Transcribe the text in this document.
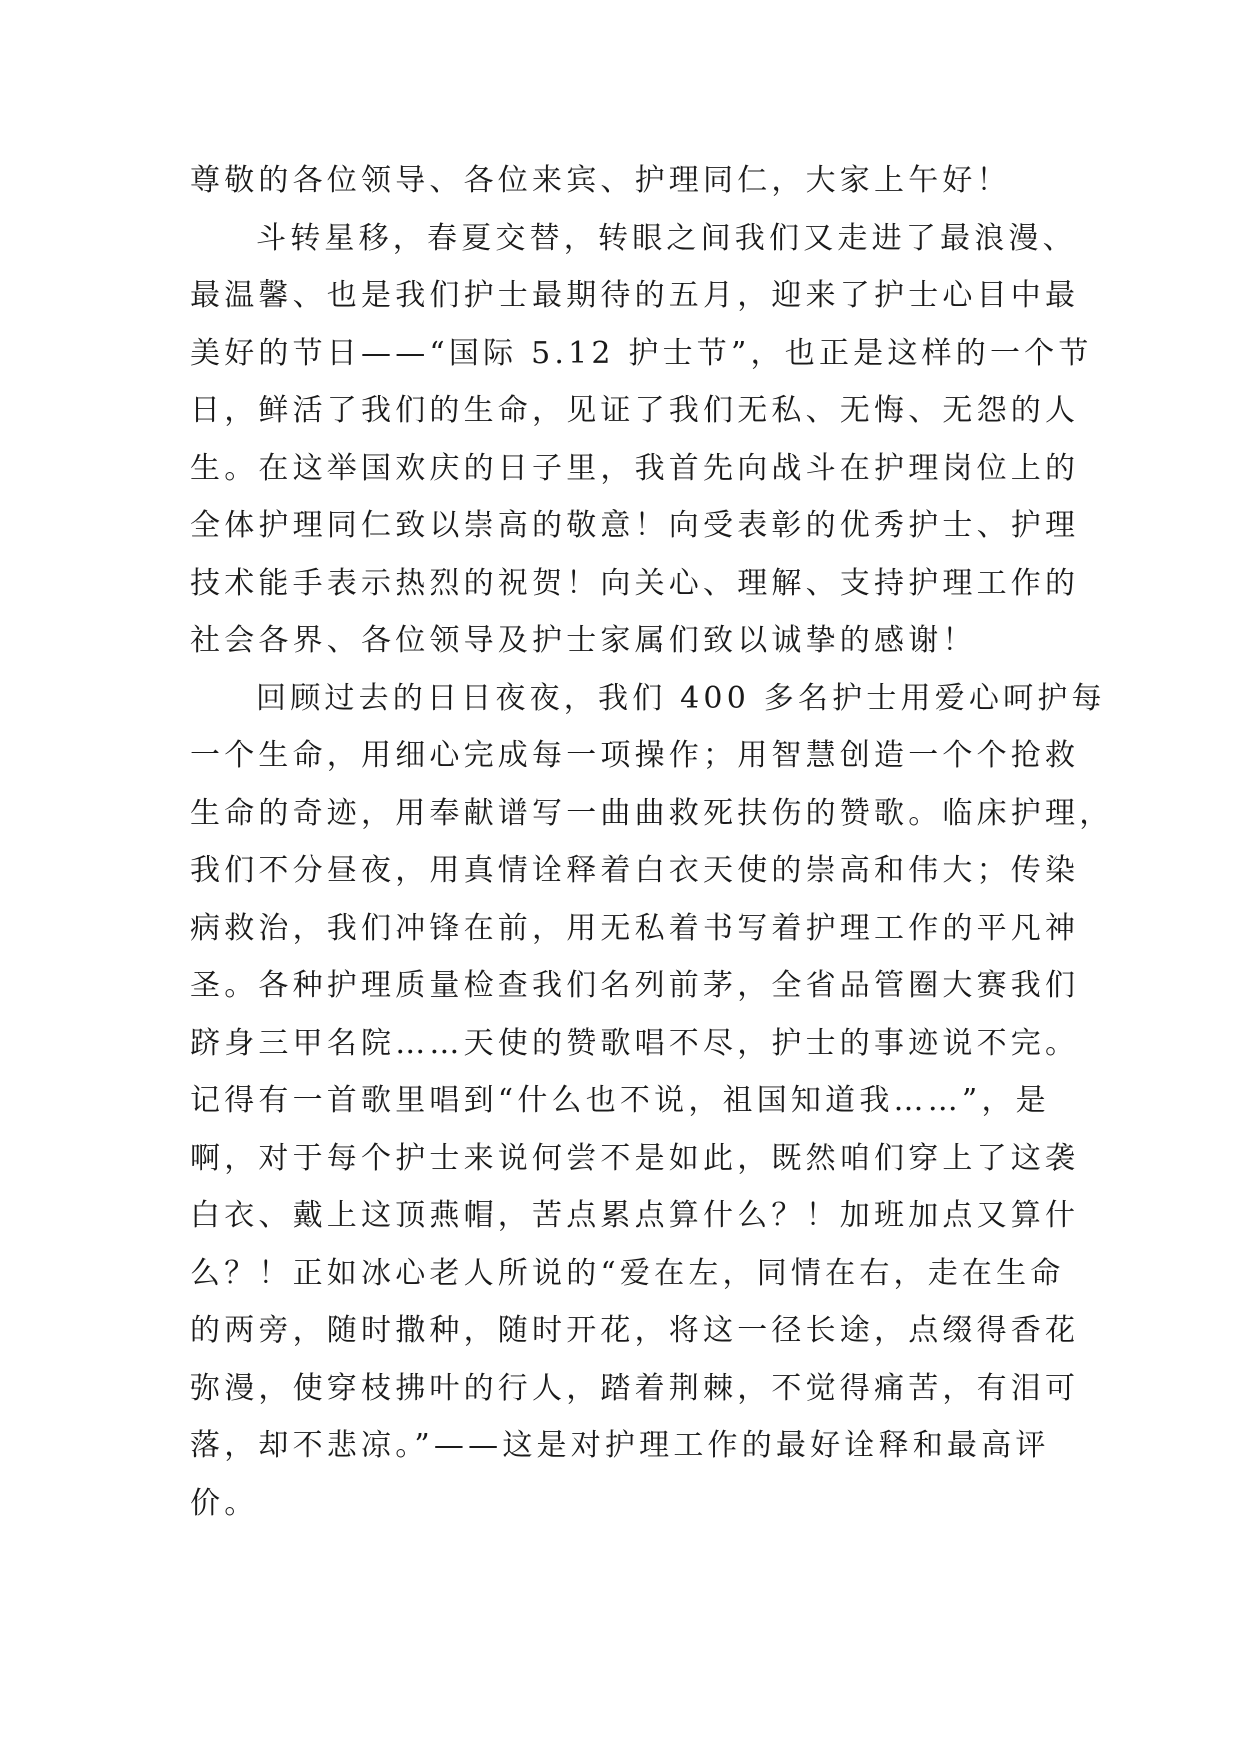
尊敬的各位领导、各位来宾、护理同仁，大家上午好！
斗转星移，春夏交替，转眼之间我们又走进了最浪漫、
最温馨、也是我们护士最期待的五月，迎来了护士心目中最
美好的节日——“国际 5.12 护士节”，也正是这样的一个节
日，鲜活了我们的生命，见证了我们无私、无悔、无怨的人
生。在这举国欢庆的日子里，我首先向战斗在护理岗位上的
全体护理同仁致以崇高的敬意！向受表彰的优秀护士、护理
技术能手表示热烈的祝贺！向关心、理解、支持护理工作的
社会各界、各位领导及护士家属们致以诚挚的感谢！
回顾过去的日日夜夜，我们 400 多名护士用爱心呵护每
一个生命，用细心完成每一项操作；用智慧创造一个个抢救
生命的奇迹，用奉献谱写一曲曲救死扶伤的赞歌。临床护理，
我们不分昼夜，用真情诠释着白衣天使的崇高和伟大；传染
病救治，我们冲锋在前，用无私着书写着护理工作的平凡神
圣。各种护理质量检查我们名列前茅，全省品管圈大赛我们
跻身三甲名院……天使的赞歌唱不尽，护士的事迹说不完。
记得有一首歌里唱到“什么也不说，祖国知道我……”，是
啊，对于每个护士来说何尝不是如此，既然咱们穿上了这袭
白衣、戴上这顶燕帽，苦点累点算什么？！加班加点又算什
么？！正如冰心老人所说的“爱在左，同情在右，走在生命
的两旁，随时撒种，随时开花，将这一径长途，点缀得香花
弥漫，使穿枝拂叶的行人，踏着荆棘，不觉得痛苦，有泪可
落，却不悲凉。”——这是对护理工作的最好诠释和最高评
价。
